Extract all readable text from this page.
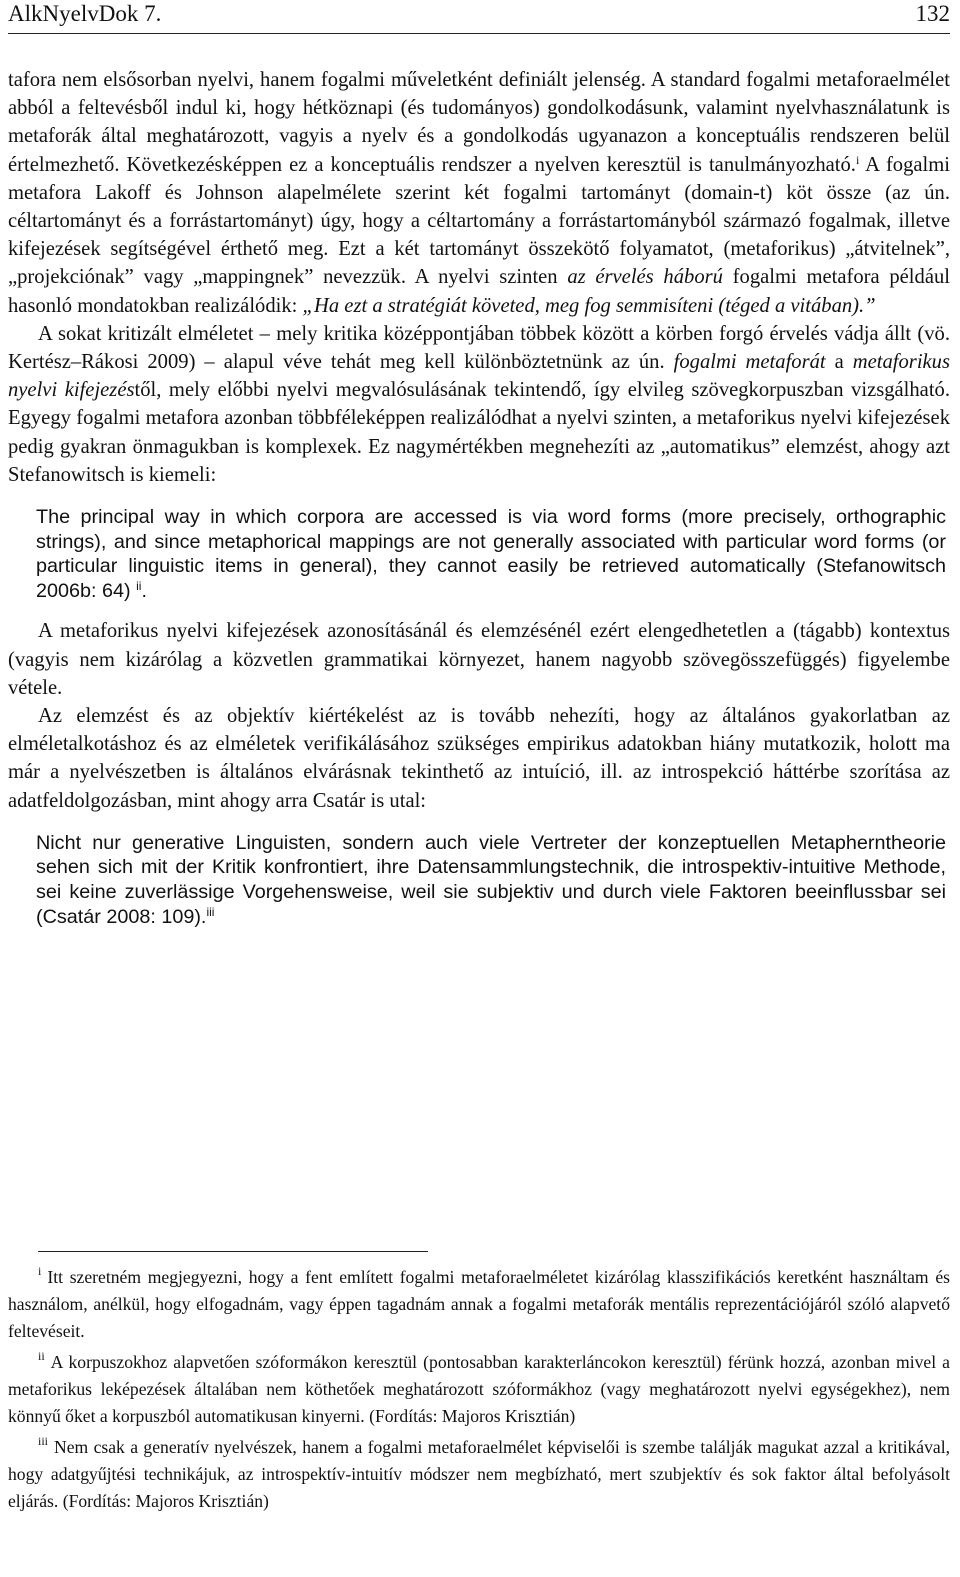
AlkNyelvDok 7.	132

tafora nem elsősorban nyelvi, hanem fogalmi műveletként definiált jelenség. A standard fogalmi metaforaelmélet abból a feltevésből indul ki, hogy hétköznapi (és tudományos) gondolkodásunk, valamint nyelvhasználatunk is metaforák által meghatározott, vagyis a nyelv és a gondolkodás ugyanazon a konceptuális rendszeren belül értelmezhető. Következésképpen ez a konceptuális rendszer a nyelven keresztül is tanulmányozható.$^i$ A fogalmi metafora Lakoff és Johnson alapelmélete szerint két fogalmi tartományt (domain-t) köt össze (az ún. céltartományt és a forrástartományt) úgy, hogy a céltartomány a forrástartományból származó fogalmak, illetve kifejezések segítségével érthető meg. Ezt a két tartományt összekötő folyamatot, (metaforikus) „átvitelnek”, „projekciónak” vagy „mappingnek” nevezzük. A nyelvi szinten az érvelés háború fogalmi metafora például hasonló mondatokban realizálódik: „Ha ezt a stratégiát követed, meg fog semmisíteni (téged a vitában).”

A sokat kritizált elméletet – mely kritika középpontjában többek között a körben forgó érvelés vádja állt (vö. Kertész–Rákosi 2009) – alapul véve tehát meg kell különböztetnünk az ún. fogalmi metaforát a metaforikus nyelvi kifejezéstől, mely előbbi nyelvi megvalósulásának tekintendő, így elvileg szövegkorpuszban vizsgálható. Egyegy fogalmi metafora azonban többféleképpen realizálódhat a nyelvi szinten, a metaforikus nyelvi kifejezések pedig gyakran önmagukban is komplexek. Ez nagymértékben megnehezíti az „automatikus” elemzést, ahogy azt Stefanowitsch is kiemeli:

The principal way in which corpora are accessed is via word forms (more precisely, orthographic strings), and since metaphorical mappings are not generally associated with particular word forms (or particular linguistic items in general), they cannot easily be retrieved automatically (Stefanowitsch 2006b: 64) $^{ii}$.

A metaforikus nyelvi kifejezések azonosításánál és elemzésénél ezért elengedhetetlen a (tágabb) kontextus (vagyis nem kizárólag a közvetlen grammatikai környezet, hanem nagyobb szövegösszefüggés) figyelembe vétele.

Az elemzést és az objektív kiértékelést az is tovább nehezíti, hogy az általános gyakorlatban az elméletalkotáshoz és az elméletek verifikálásához szükséges empirikus adatokban hiány mutatkozik, holott ma már a nyelvészetben is általános elvárásnak tekinthető az intuíció, ill. az introspekció háttérbe szorítása az adatfeldolgozásban, mint ahogy arra Csatár is utal:

Nicht nur generative Linguisten, sondern auch viele Vertreter der konzeptuellen Metapherntheorie sehen sich mit der Kritik konfrontiert, ihre Datensammlungstechnik, die introspektiv-intuitive Methode, sei keine zuverlässige Vorgehensweise, weil sie subjektiv und durch viele Faktoren beeinflussbar sei (Csatár 2008: 109).$^{iii}$

$^i$ Itt szeretném megjegyezni, hogy a fent említett fogalmi metaforaelméletet kizárólag klasszifikációs keretként használtam és használom, anélkül, hogy elfogadnám, vagy éppen tagadnám annak a fogalmi metaforák mentális reprezentációjáról szóló alapvető feltevéseit.

$^{ii}$ A korpuszokhoz alapvetően szóformákon keresztül (pontosabban karakterláncokon keresztül) férünk hozzá, azonban mivel a metaforikus leképezések általában nem köthetőek meghatározott szóformákhoz (vagy meghatározott nyelvi egységekhez), nem könnyű őket a korpuszból automatikusan kinyerni. (Fordítás: Majoros Krisztián)

$^{iii}$ Nem csak a generatív nyelvészek, hanem a fogalmi metaforaelmélet képviselői is szembe találják magukat azzal a kritikával, hogy adatgyűjtési technikájuk, az introspektív-intuitív módszer nem megbízható, mert szubjektív és sok faktor által befolyásolt eljárás. (Fordítás: Majoros Krisztián)
